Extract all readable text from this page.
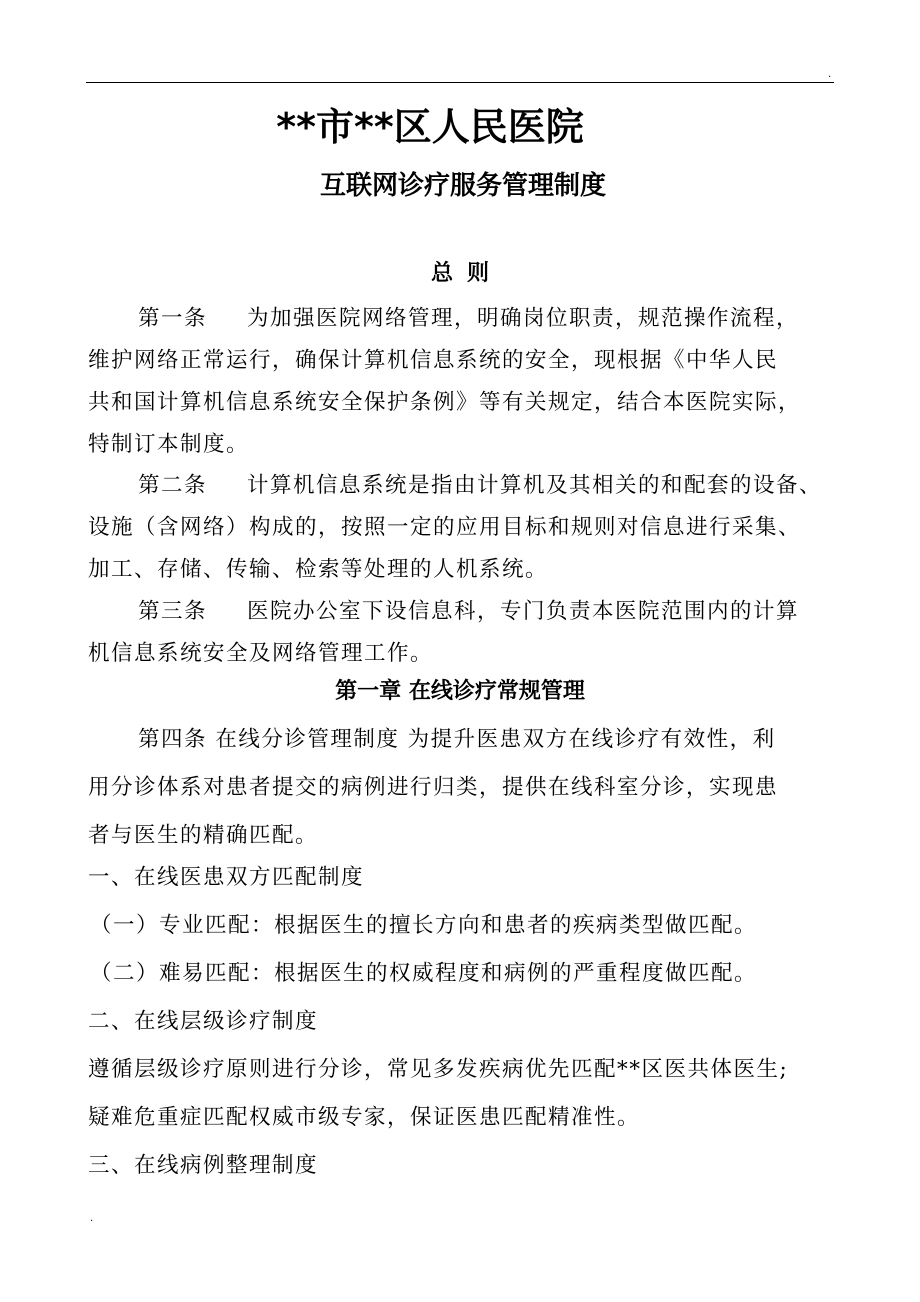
.
**市**区人民医院
互联网诊疗服务管理制度
总则
第一条 为加强医院网络管理，明确岗位职责，规范操作流程，
维护网络正常运行，确保计算机信息系统的安全，现根据《中华人民
共和国计算机信息系统安全保护条例》等有关规定，结合本医院实际，
特制订本制度。
第二条 计算机信息系统是指由计算机及其相关的和配套的设备、
设施（含网络）构成的，按照一定的应用目标和规则对信息进行采集、
加工、存储、传输、检索等处理的人机系统。
第三条 医院办公室下设信息科，专门负责本医院范围内的计算
机信息系统安全及网络管理工作。
第一章 在线诊疗常规管理
第四条 在线分诊管理制度 为提升医患双方在线诊疗有效性，利
用分诊体系对患者提交的病例进行归类，提供在线科室分诊，实现患
者与医生的精确匹配。
一、在线医患双方匹配制度
（一）专业匹配：根据医生的擅长方向和患者的疾病类型做匹配。
（二）难易匹配：根据医生的权威程度和病例的严重程度做匹配。
二、在线层级诊疗制度
遵循层级诊疗原则进行分诊，常见多发疾病优先匹配**区医共体医生;
疑难危重症匹配权威市级专家，保证医患匹配精准性。
三、在线病例整理制度
.
